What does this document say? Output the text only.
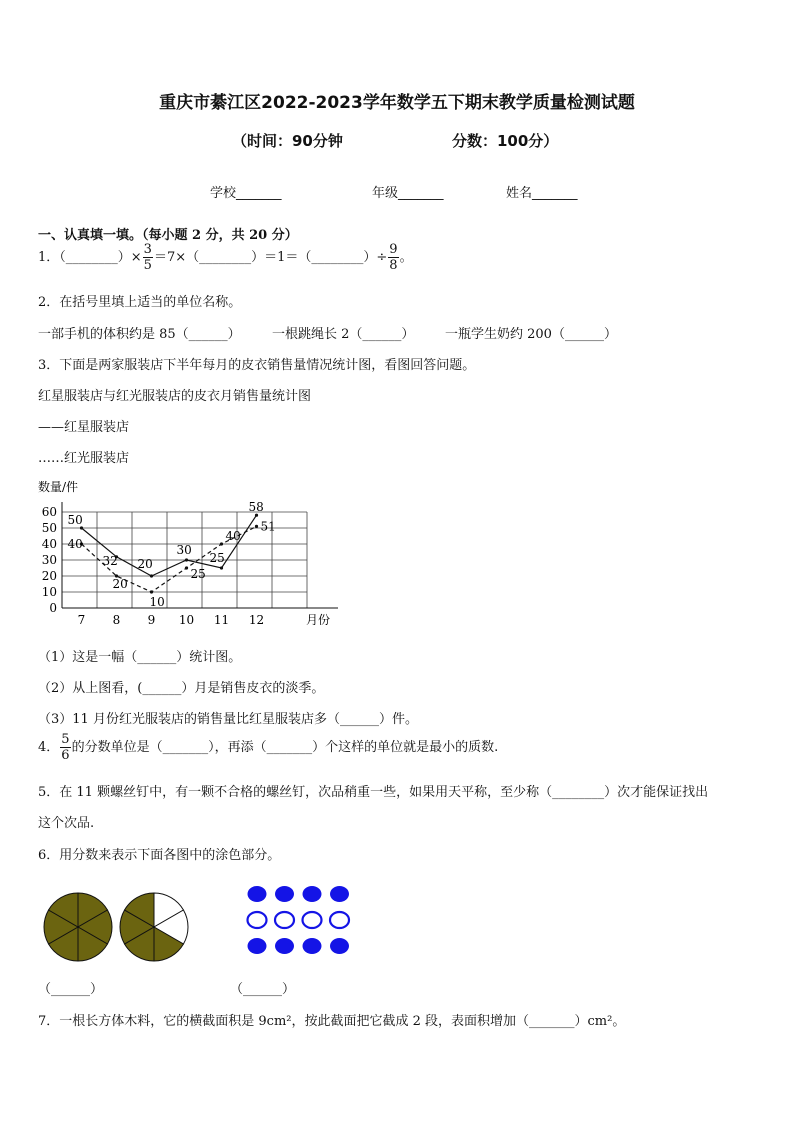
重庆市綦江区2022-2023学年数学五下期末教学质量检测试题
（时间：90分钟	分数：100分）
学校_______	年级_______	姓名_______
一、认真填一填。（每小题 2 分，共 20 分）
1．（________）× $\frac{3}{5}$ ＝7×（________）＝1＝（________）÷ $\frac{9}{8}$ 。
2．在括号里填上适当的单位名称。
一部手机的体积约是 85（______） 一根跳绳长 2（______） 一瓶学生奶约 200（______）
3．下面是两家服装店下半年每月的皮衣销售量情况统计图，看图回答问题。
红星服装店与红光服装店的皮衣月销售量统计图
——红星服装店
……红光服装店
数量/件
月份
0
10
20
30
40
50
60
7 8 9 10 11 12
50
32 20
30
25
58
40
20
10
25
40
51
（1）这是一幅（______）统计图。
（2）从上图看，(______）月是销售皮衣的淡季。
（3）11 月份红光服装店的销售量比红星服装店多（______）件。
4． $\frac{5}{6}$ 的分数单位是（_______），再添（_______）个这样的单位就是最小的质数.
5．在 11 颗螺丝钉中，有一颗不合格的螺丝钉，次品稍重一些，如果用天平称，至少称（________）次才能保证找出
这个次品.
6．用分数来表示下面各图中的涂色部分。
（______）	（______）
7．一根长方体木料，它的横截面积是 9cm²，按此截面把它截成 2 段，表面积增加（_______）cm²。
